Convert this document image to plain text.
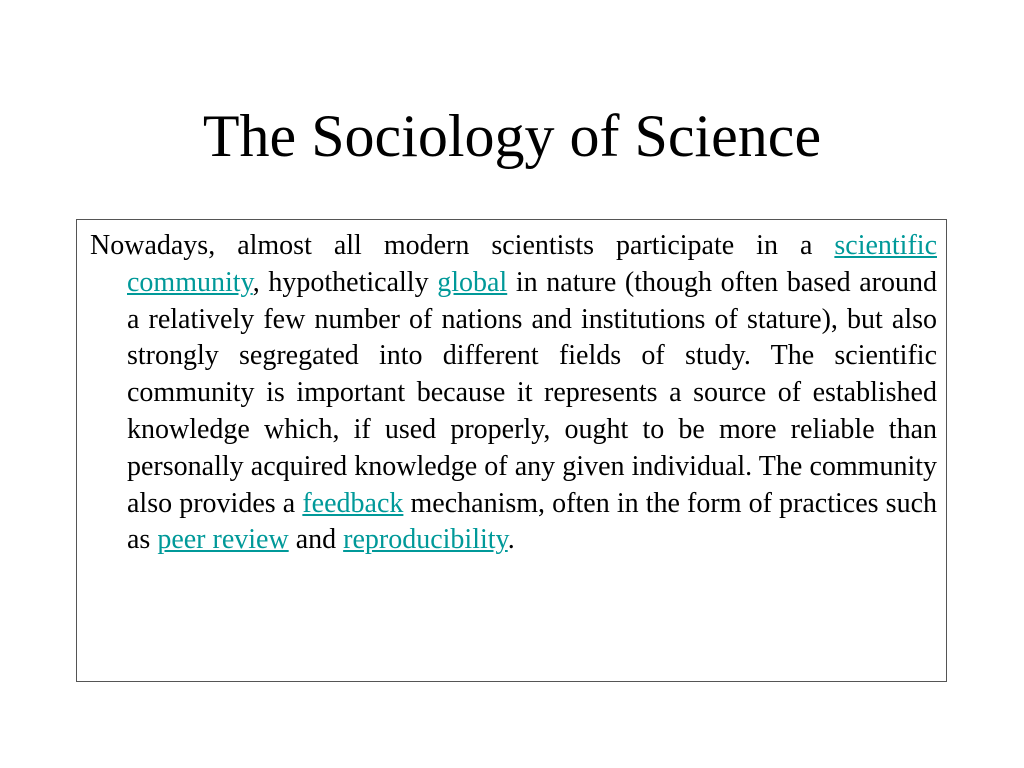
The Sociology of Science

Nowadays, almost all modern scientists participate in a scientific community, hypothetically global in nature (though often based around a relatively few number of nations and institutions of stature), but also strongly segregated into different fields of study. The scientific community is important because it represents a source of established knowledge which, if used properly, ought to be more reliable than personally acquired knowledge of any given individual. The community also provides a feedback mechanism, often in the form of practices such as peer review and reproducibility.
